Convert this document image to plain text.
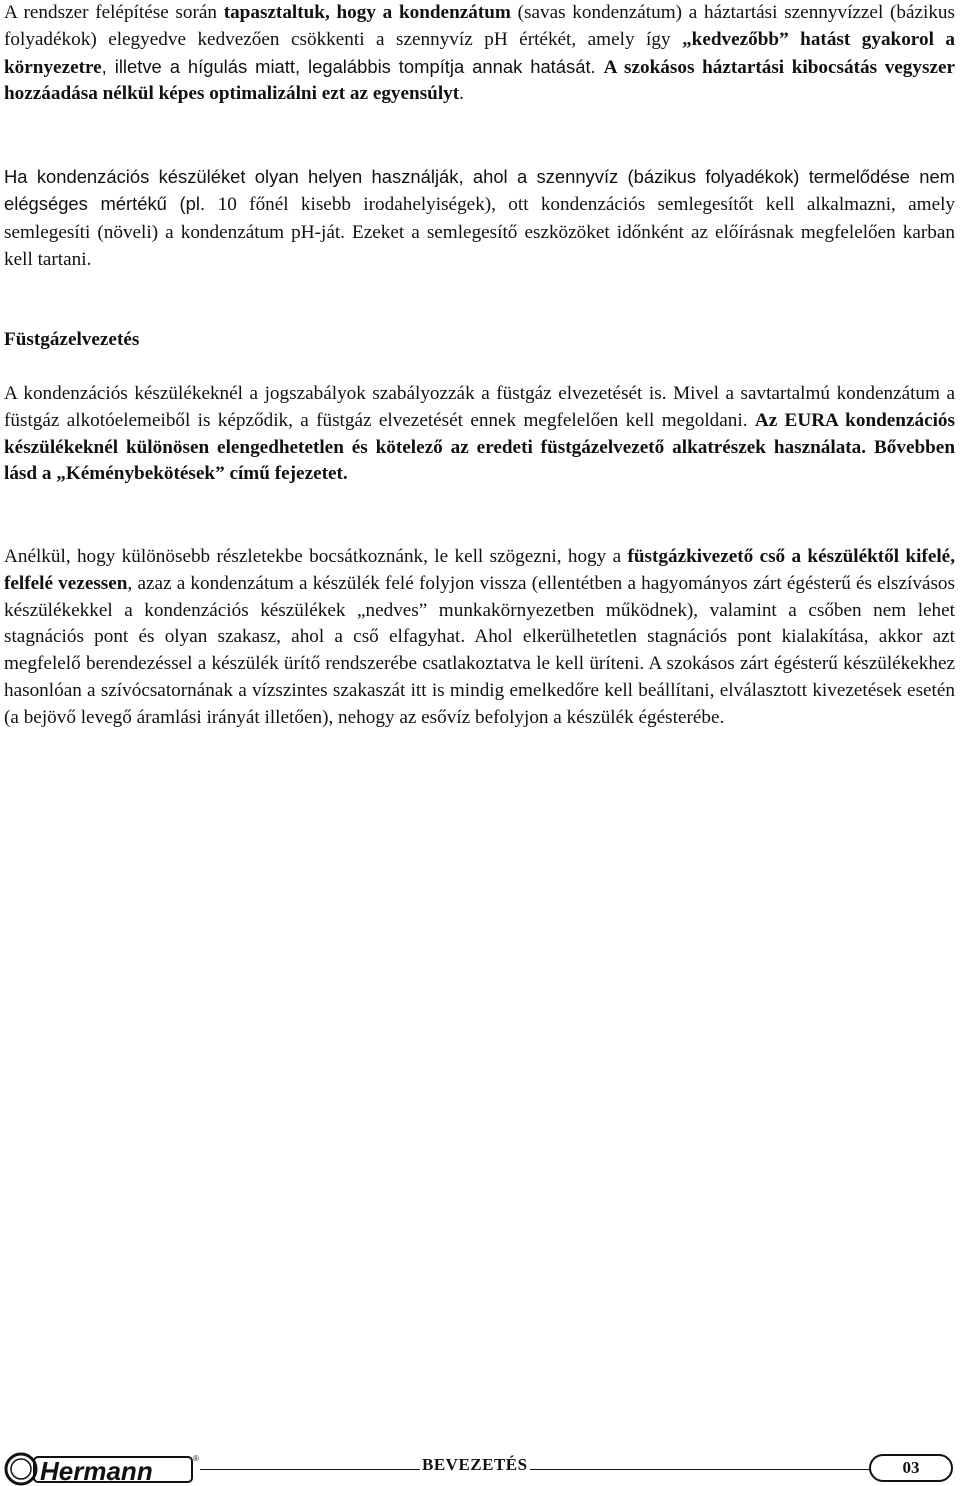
A rendszer felépítése során tapasztaltuk, hogy a kondenzátum (savas kondenzátum) a háztartási szennyvízzel (bázikus folyadékok) elegyedve kedvezően csökkenti a szennyvíz pH értékét, amely így „kedvezőbb” hatást gyakorol a környezetre, illetve a hígulás miatt, legalábbis tompítja annak hatását. A szokásos háztartási kibocsátás vegyszer hozzáadása nélkül képes optimalizálni ezt az egyensúlyt.

Ha kondenzációs készüléket olyan helyen használják, ahol a szennyvíz (bázikus folyadékok) termelődése nem elégséges mértékű (pl. 10 főnél kisebb irodahelyiségek), ott kondenzációs semlegesítőt kell alkalmazni, amely semlegesíti (növeli) a kondenzátum pH-ját. Ezeket a semlegesítő eszközöket időnként az előírásnak megfelelően karban kell tartani.

Füstgázelvezetés

A kondenzációs készülékeknél a jogszabályok szabályozzák a füstgáz elvezetését is. Mivel a savtartalmú kondenzátum a füstgáz alkotóelemeiből is képződik, a füstgáz elvezetését ennek megfelelően kell megoldani. Az EURA kondenzációs készülékeknél különösen elengedhetetlen és kötelező az eredeti füstgázelvezető alkatrészek használata. Bővebben lásd a „Kéménybekötések” című fejezetet.

Anélkül, hogy különösebb részletekbe bocsátkoznánk, le kell szögezni, hogy a füstgázkivezető cső a készüléktől kifelé, felfelé vezessen, azaz a kondenzátum a készülék felé folyjon vissza (ellentétben a hagyományos zárt égésterű és elszívásos készülékekkel a kondenzációs készülékek „nedves” munkakörnyezetben működnek), valamint a csőben nem lehet stagnációs pont és olyan szakasz, ahol a cső elfagyhat. Ahol elkerülhetetlen stagnációs pont kialakítása, akkor azt megfelelő berendezéssel a készülék ürítő rendszerébe csatlakoztatva le kell üríteni. A szokásos zárt égésterű készülékekhez hasonlóan a szívócsatornának a vízszintes szakaszát itt is mindig emelkedőre kell beállítani, elválasztott kivezetések esetén (a bejövő levegő áramlási irányát illetően), nehogy az esővíz befolyjon a készülék égésterébe.

Hermann	®	BEVEZETÉS	03
